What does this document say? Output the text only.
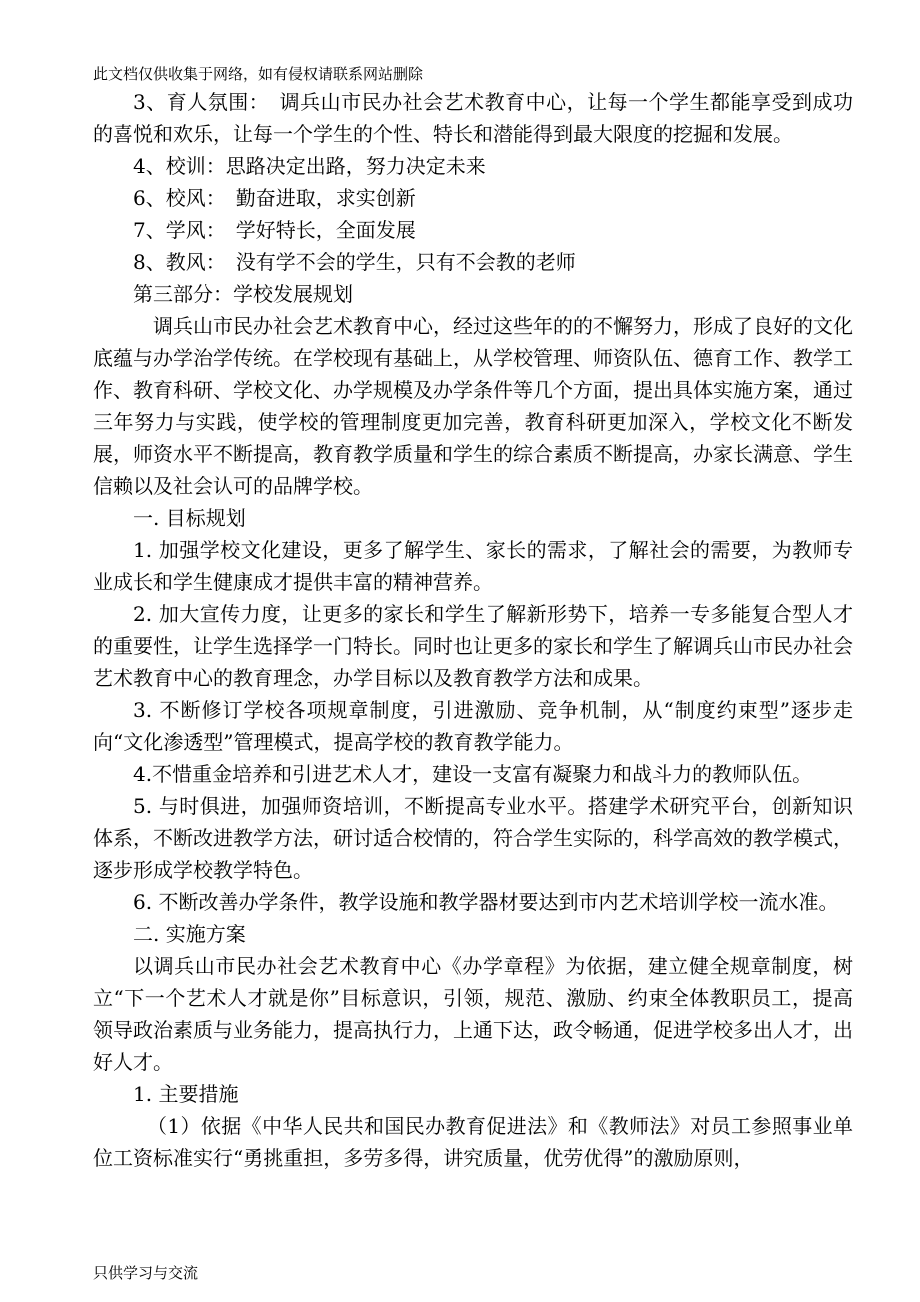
此文档仅供收集于网络，如有侵权请联系网站删除

3、育人氛围：　调兵山市民办社会艺术教育中心，让每一个学生都能享受到成功的喜悦和欢乐，让每一个学生的个性、特长和潜能得到最大限度的挖掘和发展。

4、校训：思路决定出路，努力决定未来

6、校风：　勤奋进取，求实创新

7、学风：　学好特长，全面发展

8、教风：　没有学不会的学生，只有不会教的老师

第三部分：学校发展规划

调兵山市民办社会艺术教育中心，经过这些年的的不懈努力，形成了良好的文化底蕴与办学治学传统。在学校现有基础上，从学校管理、师资队伍、德育工作、教学工作、教育科研、学校文化、办学规模及办学条件等几个方面，提出具体实施方案，通过三年努力与实践，使学校的管理制度更加完善，教育科研更加深入，学校文化不断发展，师资水平不断提高，教育教学质量和学生的综合素质不断提高，办家长满意、学生信赖以及社会认可的品牌学校。

一. 目标规划

1. 加强学校文化建设，更多了解学生、家长的需求，了解社会的需要，为教师专业成长和学生健康成才提供丰富的精神营养。

2. 加大宣传力度，让更多的家长和学生了解新形势下，培养一专多能复合型人才的重要性，让学生选择学一门特长。同时也让更多的家长和学生了解调兵山市民办社会艺术教育中心的教育理念，办学目标以及教育教学方法和成果。

3. 不断修订学校各项规章制度，引进激励、竞争机制，从“制度约束型”逐步走向“文化渗透型”管理模式，提高学校的教育教学能力。

4.不惜重金培养和引进艺术人才，建设一支富有凝聚力和战斗力的教师队伍。

5. 与时俱进，加强师资培训，不断提高专业水平。搭建学术研究平台，创新知识体系，不断改进教学方法，研讨适合校情的，符合学生实际的，科学高效的教学模式，逐步形成学校教学特色。

6. 不断改善办学条件，教学设施和教学器材要达到市内艺术培训学校一流水准。

二. 实施方案

以调兵山市民办社会艺术教育中心《办学章程》为依据，建立健全规章制度，树立“下一个艺术人才就是你”目标意识，引领，规范、激励、约束全体教职员工，提高领导政治素质与业务能力，提高执行力，上通下达，政令畅通，促进学校多出人才，出好人才。

1. 主要措施

（1）依据《中华人民共和国民办教育促进法》和《教师法》对员工参照事业单位工资标准实行“勇挑重担，多劳多得，讲究质量，优劳优得”的激励原则，

只供学习与交流
